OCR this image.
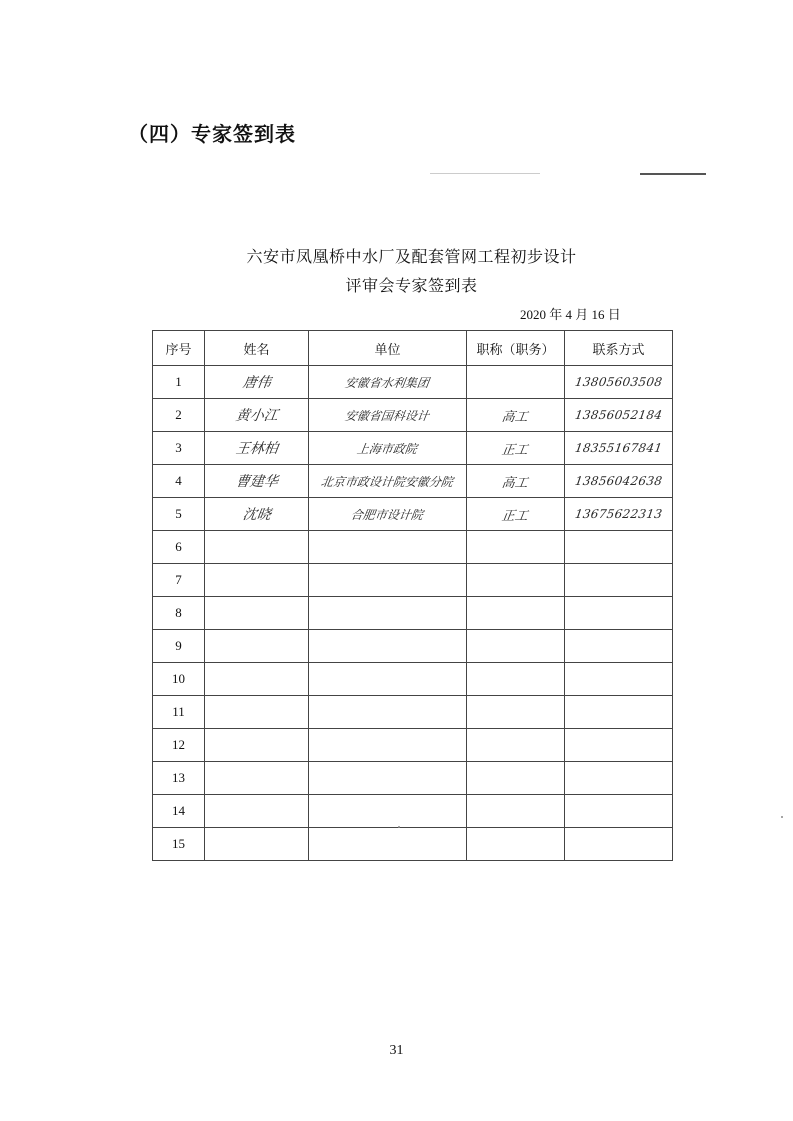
（四）专家签到表
六安市凤凰桥中水厂及配套管网工程初步设计
评审会专家签到表
2020 年 4 月 16 日
序号	姓名	单位	职称（职务）	联系方式
1	唐伟	安徽省水利集团		13805603508
2	黄小江	安徽省国科设计	高工	13856052184
3	王林柏	上海市政院	正工	18355167841
4	曹建华	北京市政设计院安徽分院	高工	13856042638
5	沈晓	合肥市设计院	正工	13675622313
6				
7				
8				
9				
10				
11				
12				
13				
14				
15				
31
